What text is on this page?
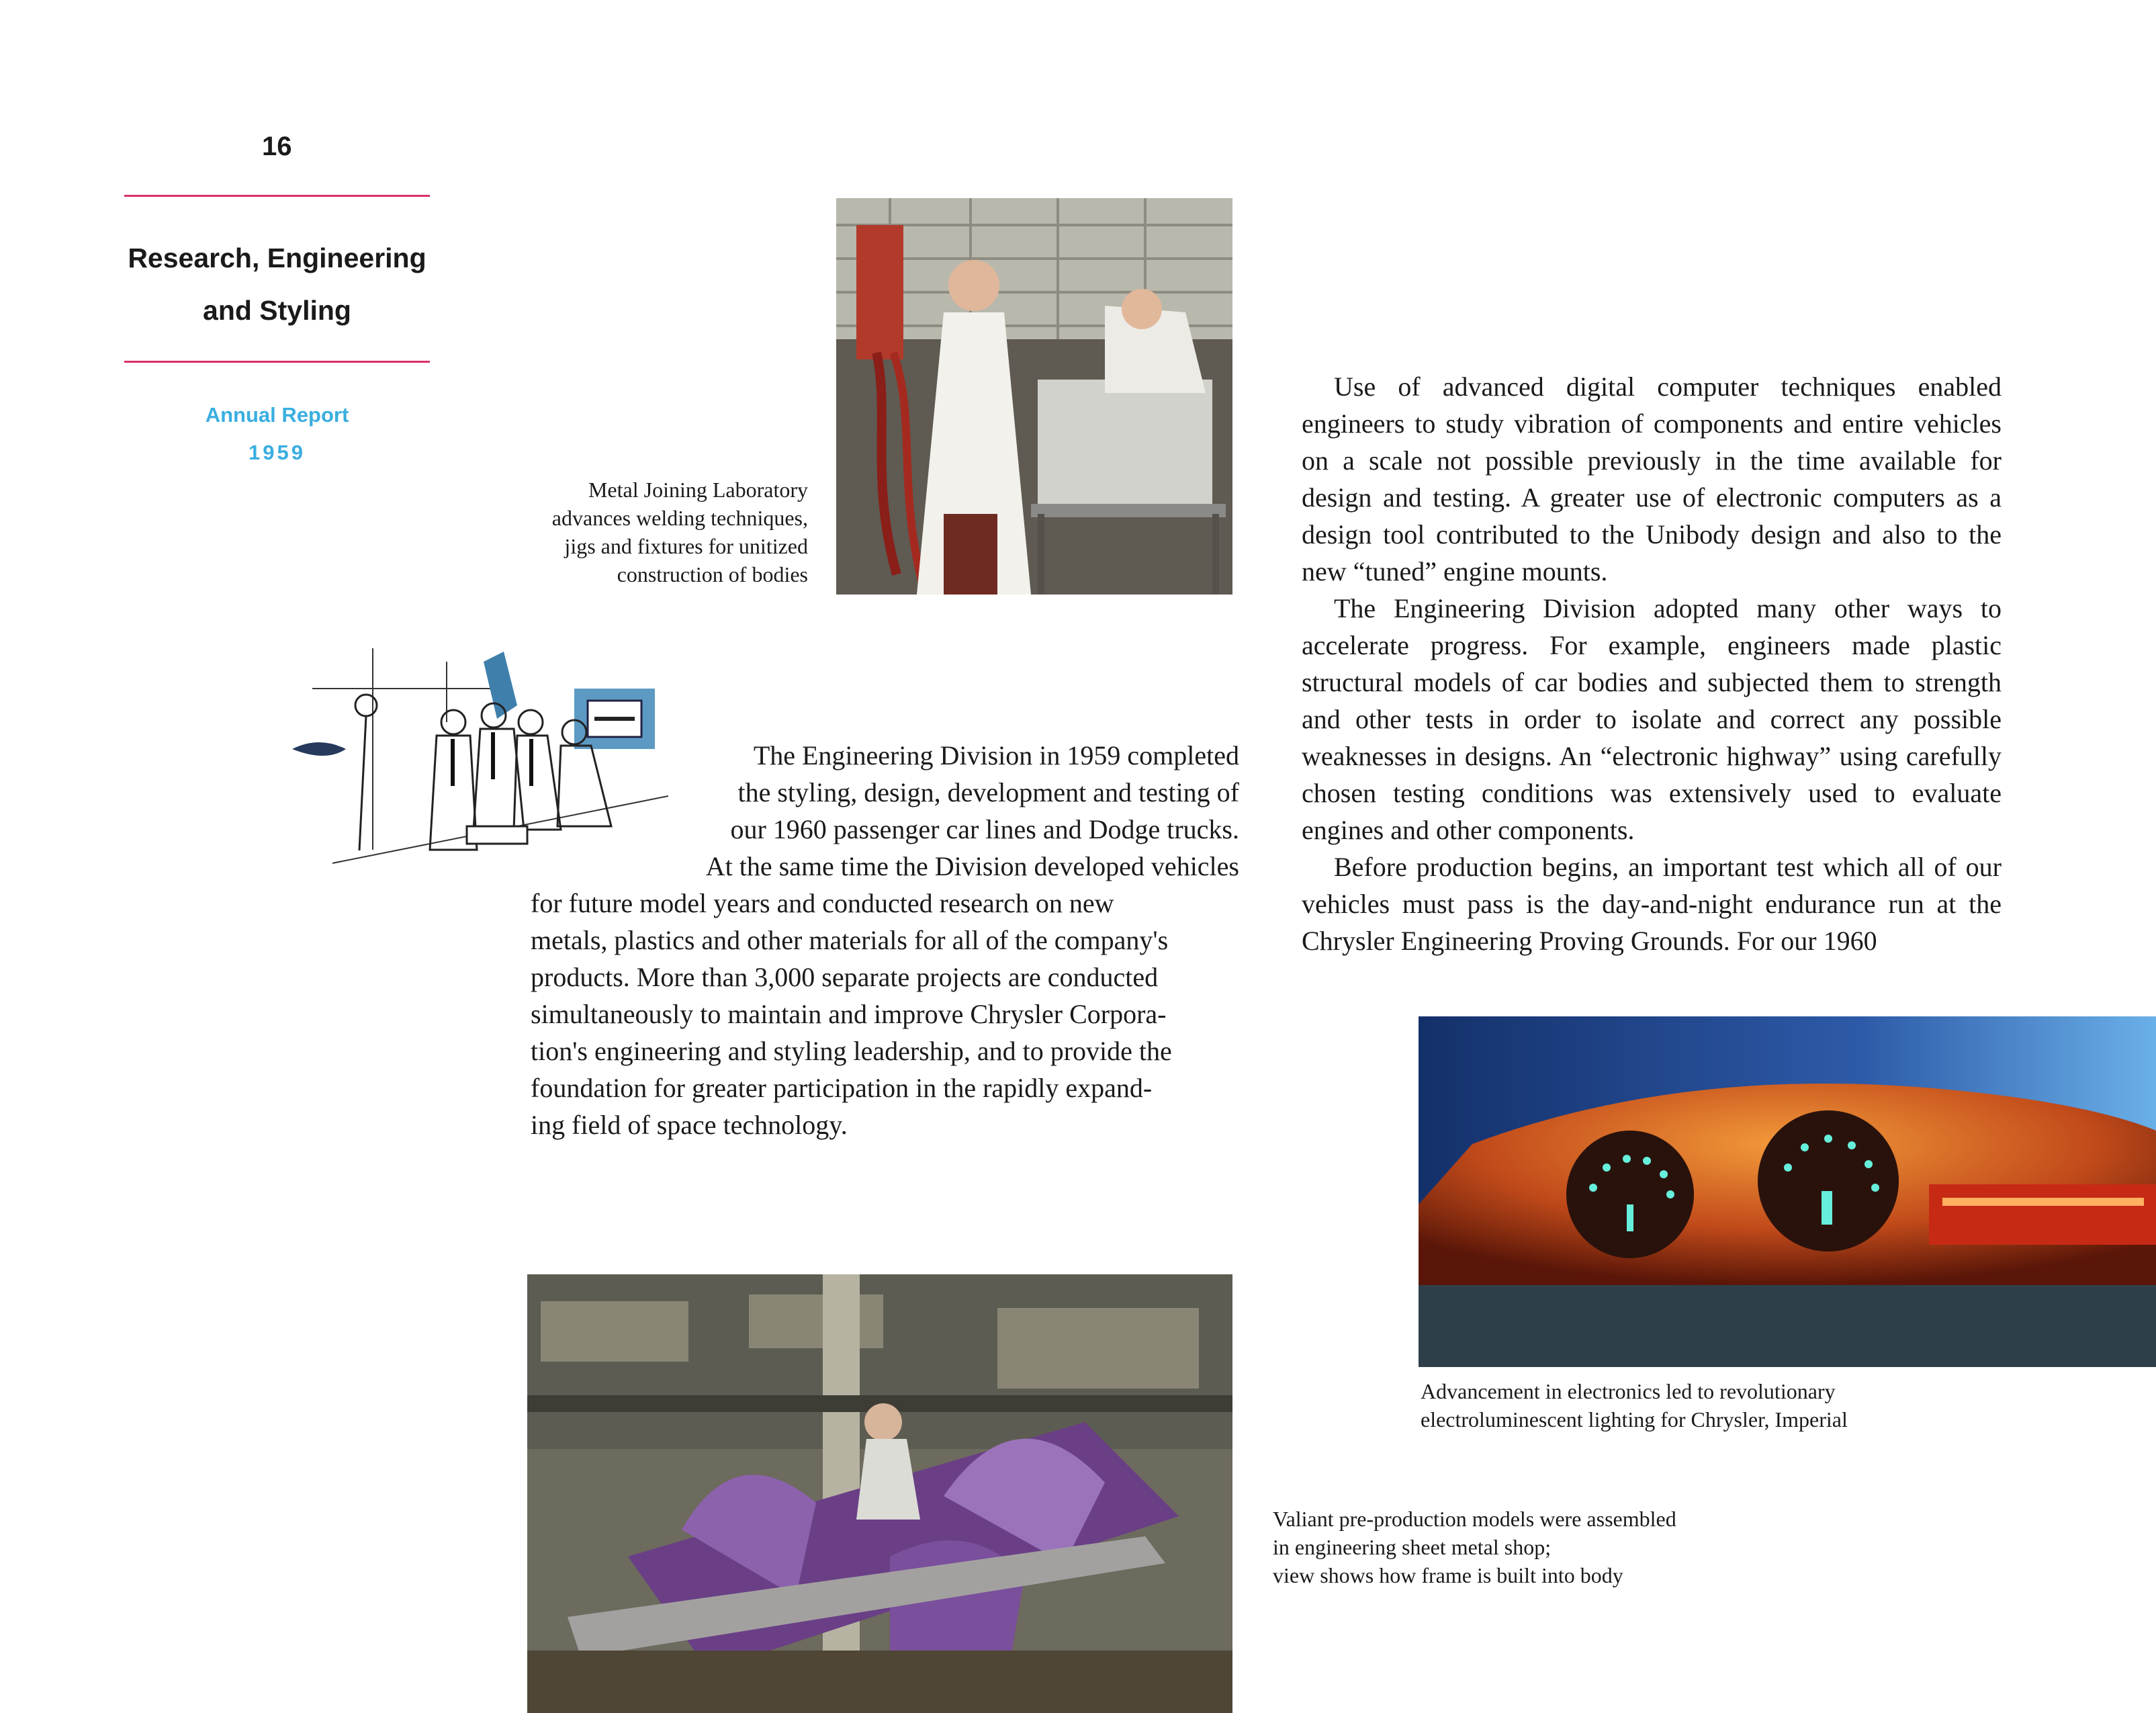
16
Research, Engineering
and Styling
Annual Report
1959
Metal Joining Laboratory
advances welding techniques,
jigs and fixtures for unitized
construction of bodies
The Engineering Division in 1959 completed
the styling, design, development and testing of
our 1960 passenger car lines and Dodge trucks.
At the same time the Division developed vehicles
for future model years and conducted research on new
metals, plastics and other materials for all of the company's
products. More than 3,000 separate projects are conducted
simultaneously to maintain and improve Chrysler Corpora-
tion's engineering and styling leadership, and to provide the
foundation for greater participation in the rapidly expand-
ing field of space technology.

Use of advanced digital computer techniques enabled engineers to study vibration of components and entire vehicles on a scale not possible previously in the time available for design and testing. A greater use of electronic computers as a design tool contributed to the Unibody design and also to the new “tuned” engine mounts.

The Engineering Division adopted many other ways to accelerate progress. For example, engineers made plastic structural models of car bodies and subjected them to strength and other tests in order to isolate and correct any possible weaknesses in designs. An “electronic highway” using carefully chosen testing conditions was extensively used to evaluate engines and other components.

Before production begins, an important test which all of our vehicles must pass is the day-and-night endurance run at the Chrysler Engineering Proving Grounds. For our 1960

Advancement in electronics led to revolutionary
electroluminescent lighting for Chrysler, Imperial
Valiant pre-production models were assembled
in engineering sheet metal shop;
view shows how frame is built into body
